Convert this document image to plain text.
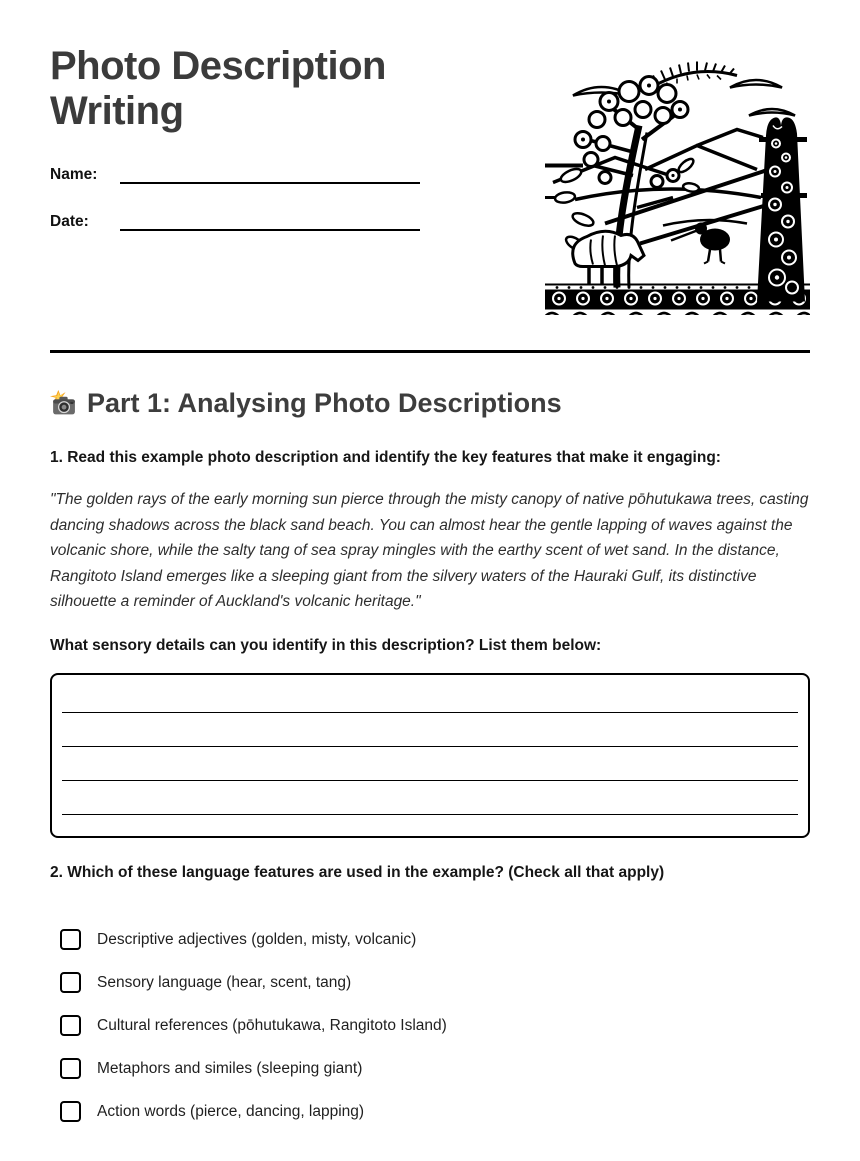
Photo Description Writing
Name:
Date:
Part 1: Analysing Photo Descriptions
1. Read this example photo description and identify the key features that make it engaging:
"The golden rays of the early morning sun pierce through the misty canopy of native pōhutukawa trees, casting dancing shadows across the black sand beach. You can almost hear the gentle lapping of waves against the volcanic shore, while the salty tang of sea spray mingles with the earthy scent of wet sand. In the distance, Rangitoto Island emerges like a sleeping giant from the silvery waters of the Hauraki Gulf, its distinctive silhouette a reminder of Auckland's volcanic heritage."
What sensory details can you identify in this description? List them below:
2. Which of these language features are used in the example? (Check all that apply)
Descriptive adjectives (golden, misty, volcanic)
Sensory language (hear, scent, tang)
Cultural references (pōhutukawa, Rangitoto Island)
Metaphors and similes (sleeping giant)
Action words (pierce, dancing, lapping)
